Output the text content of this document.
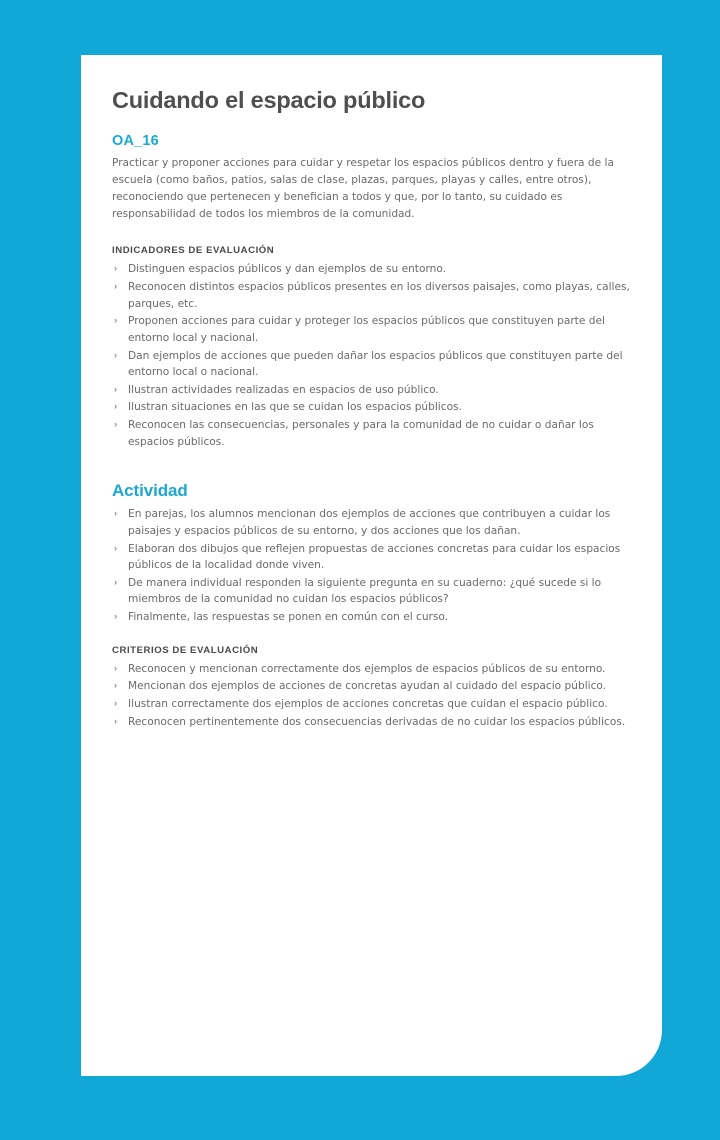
Cuidando el espacio público
OA_16

Practicar y proponer acciones para cuidar y respetar los espacios públicos dentro y fuera de la escuela (como baños, patios, salas de clase, plazas, parques, playas y calles, entre otros), reconociendo que pertenecen y benefician a todos y que, por lo tanto, su cuidado es responsabilidad de todos los miembros de la comunidad.

INDICADORES DE EVALUACIÓN
› Distinguen espacios públicos y dan ejemplos de su entorno.
› Reconocen distintos espacios públicos presentes en los diversos paisajes, como playas, calles, parques, etc.
› Proponen acciones para cuidar y proteger los espacios públicos que constituyen parte del entorno local y nacional.
› Dan ejemplos de acciones que pueden dañar los espacios públicos que constituyen parte del entorno local o nacional.
› Ilustran actividades realizadas en espacios de uso público.
› Ilustran situaciones en las que se cuidan los espacios públicos.
› Reconocen las consecuencias, personales y para la comunidad de no cuidar o dañar los espacios públicos.
Actividad
› En parejas, los alumnos mencionan dos ejemplos de acciones que contribuyen a cuidar los paisajes y espacios públicos de su entorno, y dos acciones que los dañan.
› Elaboran dos dibujos que reflejen propuestas de acciones concretas para cuidar los espacios públicos de la localidad donde viven.
› De manera individual responden la siguiente pregunta en su cuaderno: ¿qué sucede si lo miembros de la comunidad no cuidan los espacios públicos?
› Finalmente, las respuestas se ponen en común con el curso.
CRITERIOS DE EVALUACIÓN
› Reconocen y mencionan correctamente dos ejemplos de espacios públicos de su entorno.
› Mencionan dos ejemplos de acciones de concretas ayudan al cuidado del espacio público.
› Ilustran correctamente dos ejemplos de acciones concretas que cuidan el espacio público.
› Reconocen pertinentemente dos consecuencias derivadas de no cuidar los espacios públicos.
